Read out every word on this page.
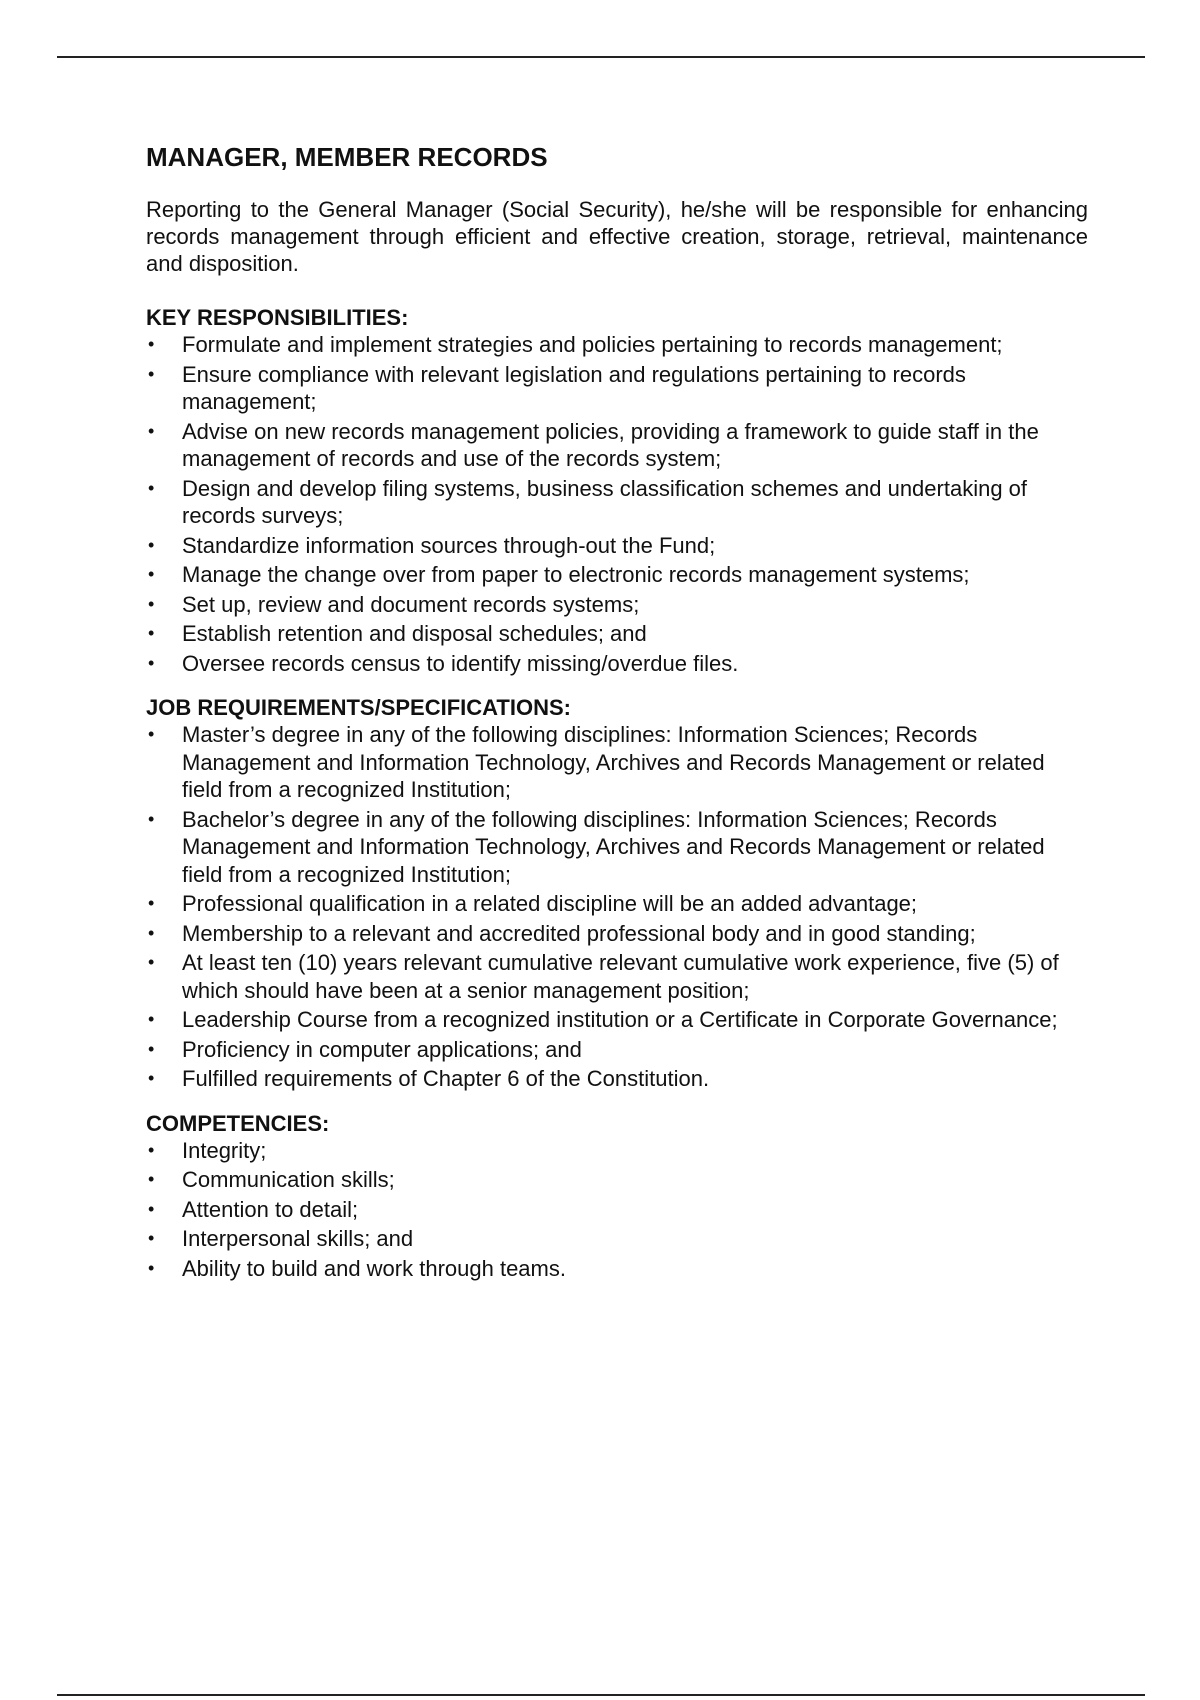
MANAGER, MEMBER RECORDS

Reporting to the General Manager (Social Security), he/she will be responsible for enhancing records management through efficient and effective creation, storage, retrieval, maintenance and disposition.

KEY RESPONSIBILITIES:
• Formulate and implement strategies and policies pertaining to records management;
• Ensure compliance with relevant legislation and regulations pertaining to records management;
• Advise on new records management policies, providing a framework to guide staff in the management of records and use of the records system;
• Design and develop filing systems, business classification schemes and undertaking of records surveys;
• Standardize information sources through-out the Fund;
• Manage the change over from paper to electronic records management systems;
• Set up, review and document records systems;
• Establish retention and disposal schedules; and
• Oversee records census to identify missing/overdue files.
JOB REQUIREMENTS/SPECIFICATIONS:
• Master’s degree in any of the following disciplines: Information Sciences; Records Management and Information Technology, Archives and Records Management or related field from a recognized Institution;
• Bachelor’s degree in any of the following disciplines: Information Sciences; Records Management and Information Technology, Archives and Records Management or related field from a recognized Institution;
• Professional qualification in a related discipline will be an added advantage;
• Membership to a relevant and accredited professional body and in good standing;
• At least ten (10) years relevant cumulative relevant cumulative work experience, five (5) of which should have been at a senior management position;
• Leadership Course from a recognized institution or a Certificate in Corporate Governance;
• Proficiency in computer applications; and
• Fulfilled requirements of Chapter 6 of the Constitution.
COMPETENCIES:
• Integrity;
• Communication skills;
• Attention to detail;
• Interpersonal skills; and
• Ability to build and work through teams.
